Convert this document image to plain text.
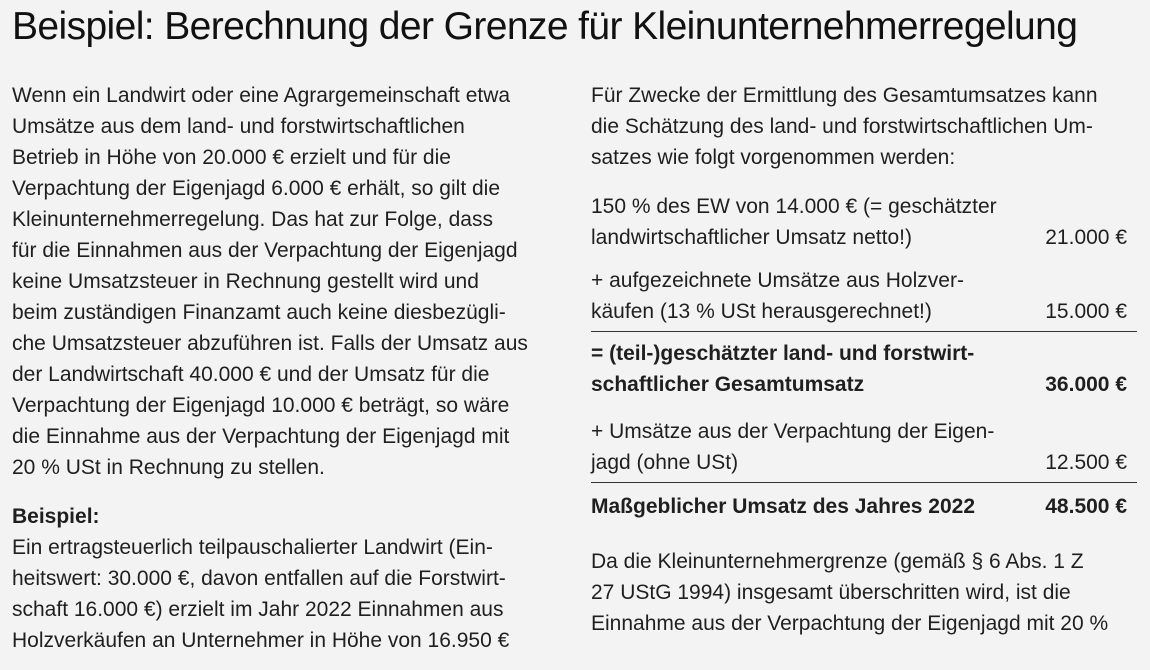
Beispiel: Berechnung der Grenze für Kleinunternehmerregelung
Wenn ein Landwirt oder eine Agrargemeinschaft etwa
Umsätze aus dem land- und forstwirtschaftlichen
Betrieb in Höhe von 20.000 € erzielt und für die
Verpachtung der Eigenjagd 6.000 € erhält, so gilt die
Kleinunternehmerregelung. Das hat zur Folge, dass
für die Einnahmen aus der Verpachtung der Eigenjagd
keine Umsatzsteuer in Rechnung gestellt wird und
beim zuständigen Finanzamt auch keine diesbezügli-
che Umsatzsteuer abzuführen ist. Falls der Umsatz aus
der Landwirtschaft 40.000 € und der Umsatz für die
Verpachtung der Eigenjagd 10.000 € beträgt, so wäre
die Einnahme aus der Verpachtung der Eigenjagd mit
20 % USt in Rechnung zu stellen.
Beispiel:
Ein ertragsteuerlich teilpauschalierter Landwirt (Ein-
heitswert: 30.000 €, davon entfallen auf die Forstwirt-
schaft 16.000 €) erzielt im Jahr 2022 Einnahmen aus
Holzverkäufen an Unternehmer in Höhe von 16.950 €
Für Zwecke der Ermittlung des Gesamtumsatzes kann
die Schätzung des land- und forstwirtschaftlichen Um-
satzes wie folgt vorgenommen werden:
150 % des EW von 14.000 € (= geschätzter
landwirtschaftlicher Umsatz netto!)	21.000 €
+ aufgezeichnete Umsätze aus Holzver-
käufen (13 % USt herausgerechnet!)	15.000 €
= (teil-)geschätzter land- und forstwirt-
schaftlicher Gesamtumsatz	36.000 €
+ Umsätze aus der Verpachtung der Eigen-
jagd (ohne USt)	12.500 €
Maßgeblicher Umsatz des Jahres 2022	48.500 €
Da die Kleinunternehmergrenze (gemäß § 6 Abs. 1 Z
27 UStG 1994) insgesamt überschritten wird, ist die
Einnahme aus der Verpachtung der Eigenjagd mit 20 %
